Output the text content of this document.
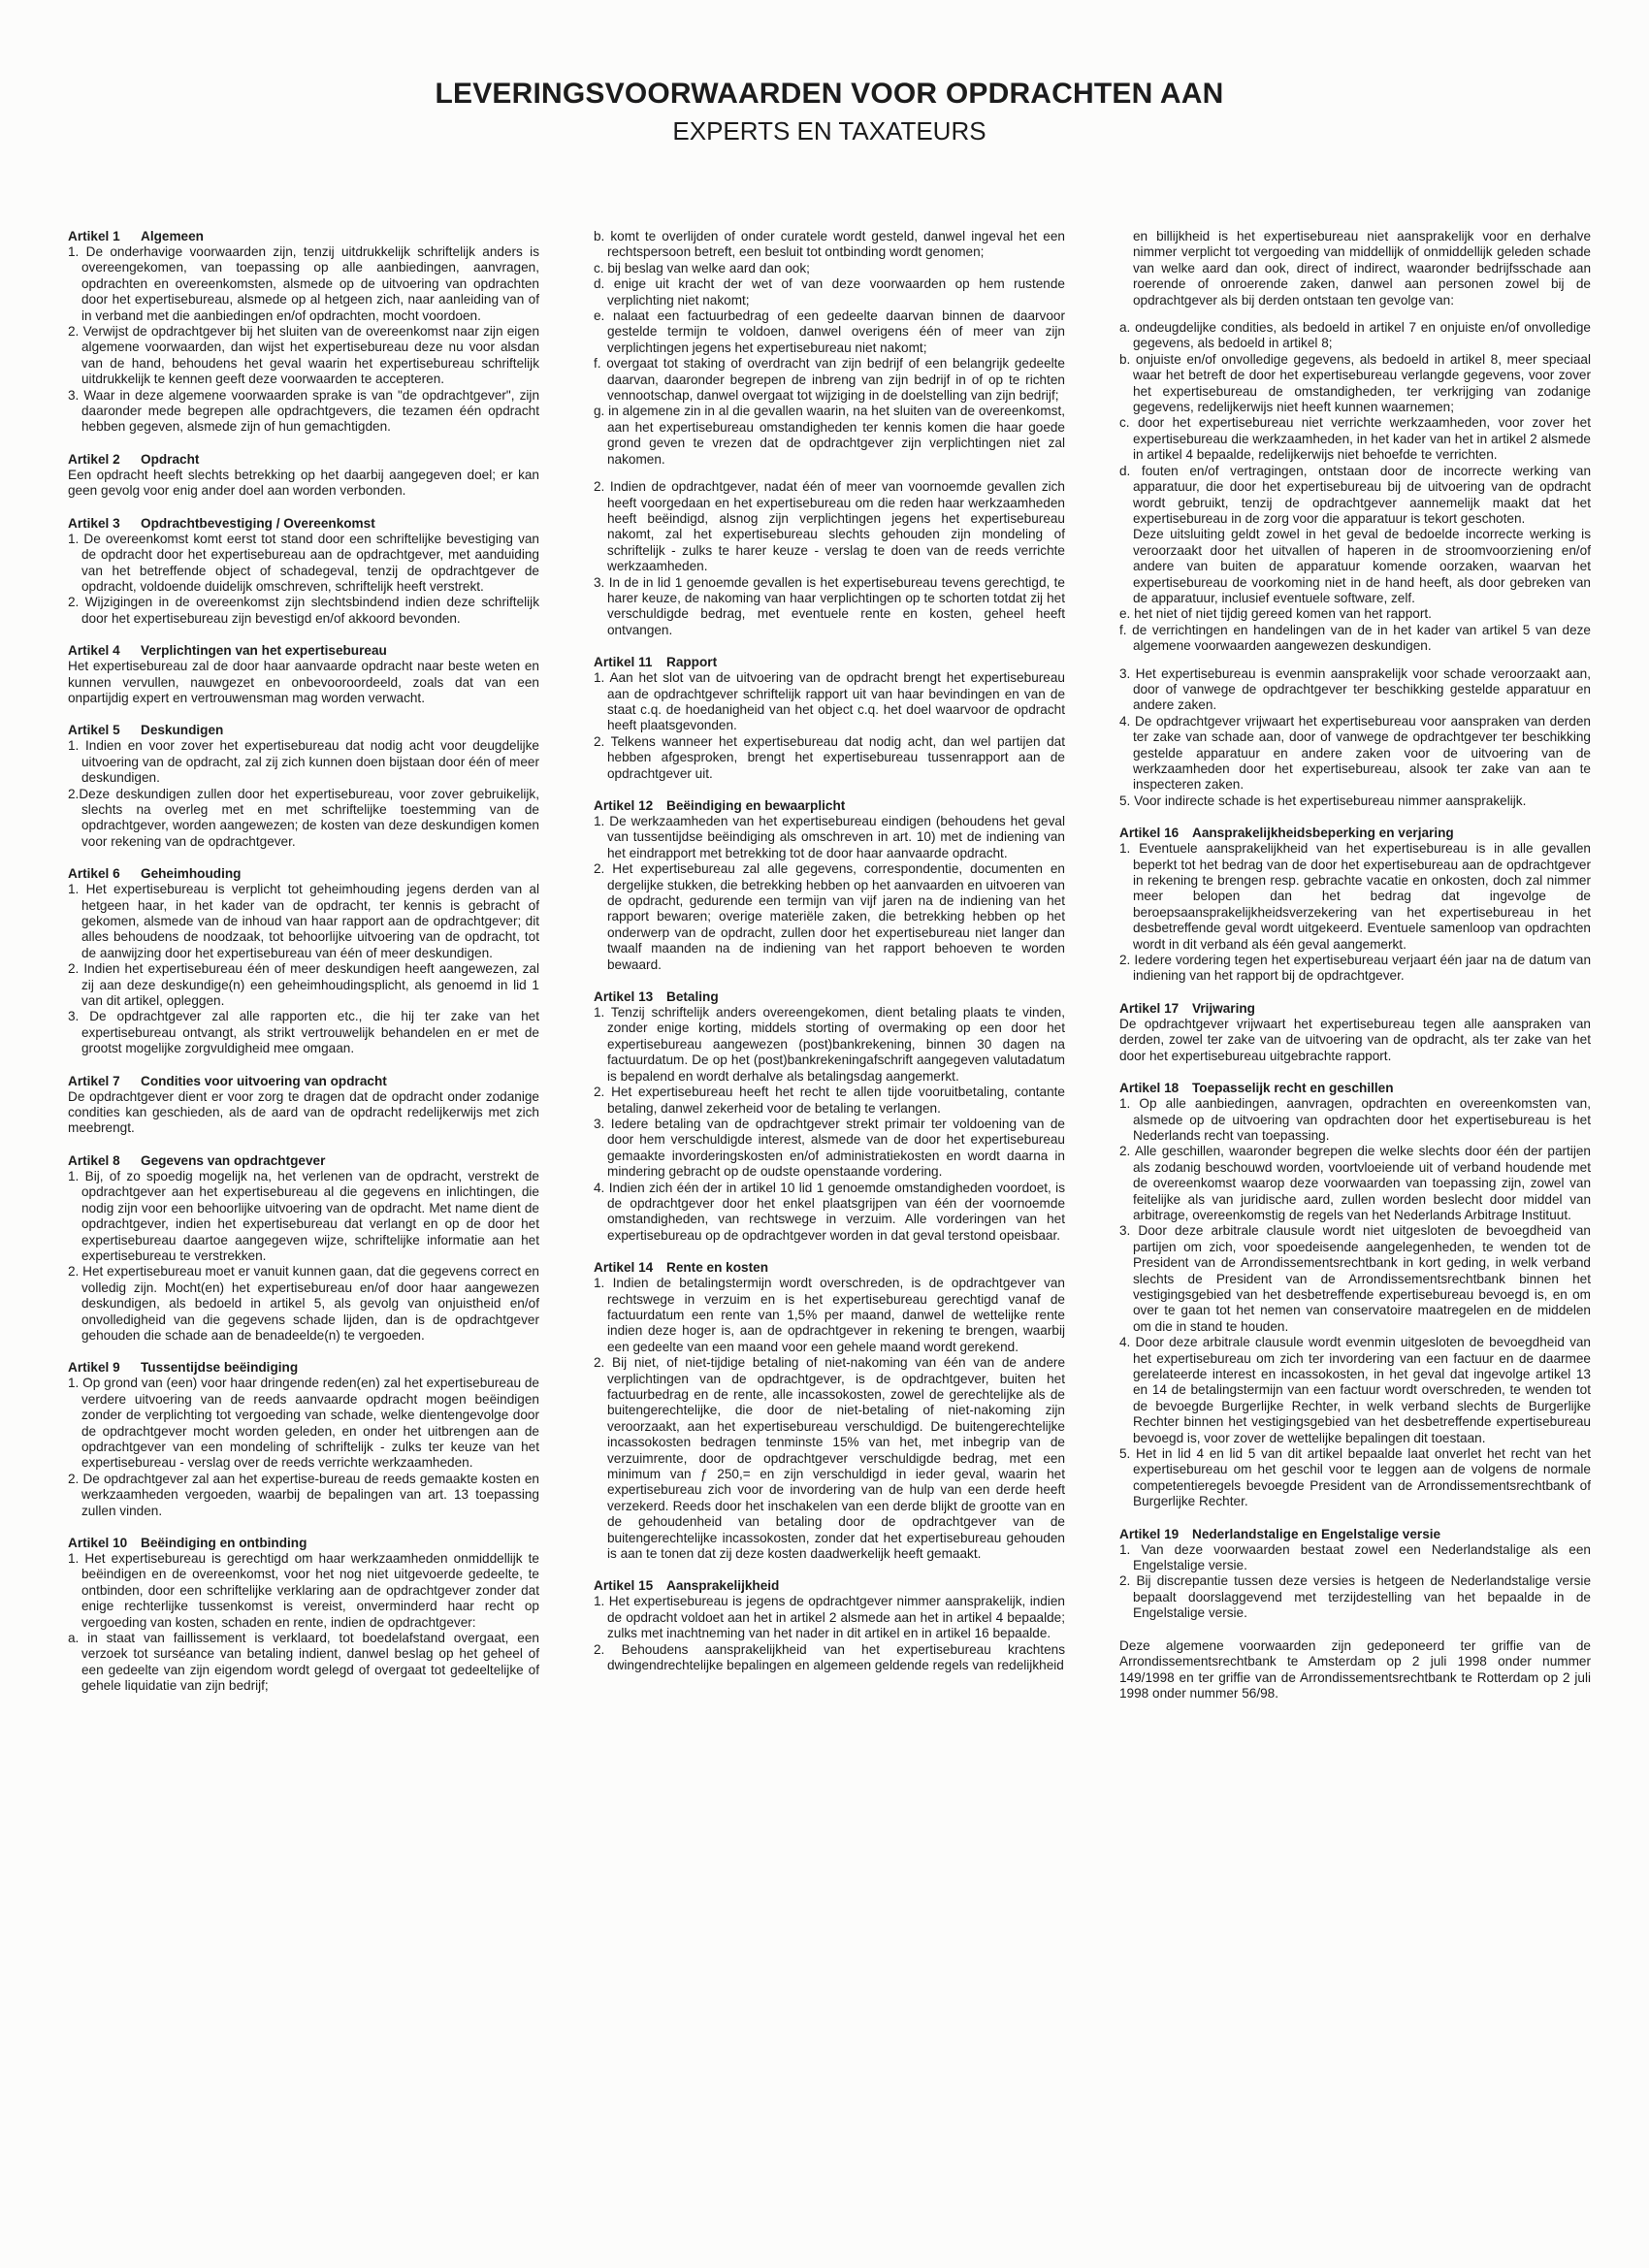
LEVERINGSVOORWAARDEN VOOR OPDRACHTEN AAN
EXPERTS EN TAXATEURS
Artikel 1 Algemeen

1. De onderhavige voorwaarden zijn, tenzij uitdrukkelijk schriftelijk anders is overeengekomen, van toepassing op alle aanbiedingen, aanvragen, opdrachten en overeenkomsten, alsmede op de uitvoering van opdrachten door het expertisebureau, alsmede op al hetgeen zich, naar aanleiding van of in verband met die aanbiedingen en/of opdrachten, mocht voordoen.

2. Verwijst de opdrachtgever bij het sluiten van de overeenkomst naar zijn eigen algemene voorwaarden, dan wijst het expertisebureau deze nu voor alsdan van de hand, behoudens het geval waarin het expertisebureau schriftelijk uitdrukkelijk te kennen geeft deze voorwaarden te accepteren.

3. Waar in deze algemene voorwaarden sprake is van "de opdrachtgever", zijn daaronder mede begrepen alle opdrachtgevers, die tezamen één opdracht hebben gegeven, alsmede zijn of hun gemachtigden.

Artikel 2 Opdracht

Een opdracht heeft slechts betrekking op het daarbij aangegeven doel; er kan geen gevolg voor enig ander doel aan worden verbonden.

Artikel 3 Opdrachtbevestiging / Overeenkomst

1. De overeenkomst komt eerst tot stand door een schriftelijke bevestiging van de opdracht door het expertisebureau aan de opdrachtgever, met aanduiding van het betreffende object of schadegeval, tenzij de opdrachtgever de opdracht, voldoende duidelijk omschreven, schriftelijk heeft verstrekt.

2. Wijzigingen in de overeenkomst zijn slechtsbindend indien deze schriftelijk door het expertisebureau zijn bevestigd en/of akkoord bevonden.

Artikel 4 Verplichtingen van het expertisebureau

Het expertisebureau zal de door haar aanvaarde opdracht naar beste weten en kunnen vervullen, nauwgezet en onbevooroordeeld, zoals dat van een onpartijdig expert en vertrouwensman mag worden verwacht.

Artikel 5 Deskundigen

1. Indien en voor zover het expertisebureau dat nodig acht voor deugdelijke uitvoering van de opdracht, zal zij zich kunnen doen bijstaan door één of meer deskundigen.

2.Deze deskundigen zullen door het expertisebureau, voor zover gebruikelijk, slechts na overleg met en met schriftelijke toestemming van de opdrachtgever, worden aangewezen; de kosten van deze deskundigen komen voor rekening van de opdrachtgever.

Artikel 6 Geheimhouding

1. Het expertisebureau is verplicht tot geheimhouding jegens derden van al hetgeen haar, in het kader van de opdracht, ter kennis is gebracht of gekomen, alsmede van de inhoud van haar rapport aan de opdrachtgever; dit alles behoudens de noodzaak, tot behoorlijke uitvoering van de opdracht, tot de aanwijzing door het expertisebureau van één of meer deskundigen.

2. Indien het expertisebureau één of meer deskundigen heeft aangewezen, zal zij aan deze deskundige(n) een geheimhoudingsplicht, als genoemd in lid 1 van dit artikel, opleggen.

3. De opdrachtgever zal alle rapporten etc., die hij ter zake van het expertisebureau ontvangt, als strikt vertrouwelijk behandelen en er met de grootst mogelijke zorgvuldigheid mee omgaan.

Artikel 7 Condities voor uitvoering van opdracht

De opdrachtgever dient er voor zorg te dragen dat de opdracht onder zodanige condities kan geschieden, als de aard van de opdracht redelijkerwijs met zich meebrengt.

Artikel 8 Gegevens van opdrachtgever

1. Bij, of zo spoedig mogelijk na, het verlenen van de opdracht, verstrekt de opdrachtgever aan het expertisebureau al die gegevens en inlichtingen, die nodig zijn voor een behoorlijke uitvoering van de opdracht. Met name dient de opdrachtgever, indien het expertisebureau dat verlangt en op de door het expertisebureau daartoe aangegeven wijze, schriftelijke informatie aan het expertisebureau te verstrekken.

2. Het expertisebureau moet er vanuit kunnen gaan, dat die gegevens correct en volledig zijn. Mocht(en) het expertisebureau en/of door haar aangewezen deskundigen, als bedoeld in artikel 5, als gevolg van onjuistheid en/of onvolledigheid van die gegevens schade lijden, dan is de opdrachtgever gehouden die schade aan de benadeelde(n) te vergoeden.

Artikel 9 Tussentijdse beëindiging

1. Op grond van (een) voor haar dringende reden(en) zal het expertisebureau de verdere uitvoering van de reeds aanvaarde opdracht mogen beëindigen zonder de verplichting tot vergoeding van schade, welke dientengevolge door de opdrachtgever mocht worden geleden, en onder het uitbrengen aan de opdrachtgever van een mondeling of schriftelijk - zulks ter keuze van het expertisebureau - verslag over de reeds verrichte werkzaamheden.

2. De opdrachtgever zal aan het expertise-bureau de reeds gemaakte kosten en werkzaamheden vergoeden, waarbij de bepalingen van art. 13 toepassing zullen vinden.

Artikel 10 Beëindiging en ontbinding

1. Het expertisebureau is gerechtigd om haar werkzaamheden onmiddellijk te beëindigen en de overeenkomst, voor het nog niet uitgevoerde gedeelte, te ontbinden, door een schriftelijke verklaring aan de opdrachtgever zonder dat enige rechterlijke tussenkomst is vereist, onverminderd haar recht op vergoeding van kosten, schaden en rente, indien de opdrachtgever:

a. in staat van faillissement is verklaard, tot boedelafstand overgaat, een verzoek tot surséance van betaling indient, danwel beslag op het geheel of een gedeelte van zijn eigendom wordt gelegd of overgaat tot gedeeltelijke of gehele liquidatie van zijn bedrijf;

b. komt te overlijden of onder curatele wordt gesteld, danwel ingeval het een rechtspersoon betreft, een besluit tot ontbinding wordt genomen;

c. bij beslag van welke aard dan ook;

d. enige uit kracht der wet of van deze voorwaarden op hem rustende verplichting niet nakomt;

e. nalaat een factuurbedrag of een gedeelte daarvan binnen de daarvoor gestelde termijn te voldoen, danwel overigens één of meer van zijn verplichtingen jegens het expertisebureau niet nakomt;

f. overgaat tot staking of overdracht van zijn bedrijf of een belangrijk gedeelte daarvan, daaronder begrepen de inbreng van zijn bedrijf in of op te richten vennootschap, danwel overgaat tot wijziging in de doelstelling van zijn bedrijf;

g. in algemene zin in al die gevallen waarin, na het sluiten van de overeenkomst, aan het expertisebureau omstandigheden ter kennis komen die haar goede grond geven te vrezen dat de opdrachtgever zijn verplichtingen niet zal nakomen.

2. Indien de opdrachtgever, nadat één of meer van voornoemde gevallen zich heeft voorgedaan en het expertisebureau om die reden haar werkzaamheden heeft beëindigd, alsnog zijn verplichtingen jegens het expertisebureau nakomt, zal het expertisebureau slechts gehouden zijn mondeling of schriftelijk - zulks te harer keuze - verslag te doen van de reeds verrichte werkzaamheden.

3. In de in lid 1 genoemde gevallen is het expertisebureau tevens gerechtigd, te harer keuze, de nakoming van haar verplichtingen op te schorten totdat zij het verschuldigde bedrag, met eventuele rente en kosten, geheel heeft ontvangen.

Artikel 11 Rapport

1. Aan het slot van de uitvoering van de opdracht brengt het expertisebureau aan de opdrachtgever schriftelijk rapport uit van haar bevindingen en van de staat c.q. de hoedanigheid van het object c.q. het doel waarvoor de opdracht heeft plaatsgevonden.

2. Telkens wanneer het expertisebureau dat nodig acht, dan wel partijen dat hebben afgesproken, brengt het expertisebureau tussenrapport aan de opdrachtgever uit.

Artikel 12 Beëindiging en bewaarplicht

1. De werkzaamheden van het expertisebureau eindigen (behoudens het geval van tussentijdse beëindiging als omschreven in art. 10) met de indiening van het eindrapport met betrekking tot de door haar aanvaarde opdracht.

2. Het expertisebureau zal alle gegevens, correspondentie, documenten en dergelijke stukken, die betrekking hebben op het aanvaarden en uitvoeren van de opdracht, gedurende een termijn van vijf jaren na de indiening van het rapport bewaren; overige materiële zaken, die betrekking hebben op het onderwerp van de opdracht, zullen door het expertisebureau niet langer dan twaalf maanden na de indiening van het rapport behoeven te worden bewaard.

Artikel 13 Betaling

1. Tenzij schriftelijk anders overeengekomen, dient betaling plaats te vinden, zonder enige korting, middels storting of overmaking op een door het expertisebureau aangewezen (post)bankrekening, binnen 30 dagen na factuurdatum. De op het (post)bankrekeningafschrift aangegeven valutadatum is bepalend en wordt derhalve als betalingsdag aangemerkt.

2. Het expertisebureau heeft het recht te allen tijde vooruitbetaling, contante betaling, danwel zekerheid voor de betaling te verlangen.

3. Iedere betaling van de opdrachtgever strekt primair ter voldoening van de door hem verschuldigde interest, alsmede van de door het expertisebureau gemaakte invorderingskosten en/of administratiekosten en wordt daarna in mindering gebracht op de oudste openstaande vordering.

4. Indien zich één der in artikel 10 lid 1 genoemde omstandigheden voordoet, is de opdrachtgever door het enkel plaatsgrijpen van één der voornoemde omstandigheden, van rechtswege in verzuim. Alle vorderingen van het expertisebureau op de opdrachtgever worden in dat geval terstond opeisbaar.

Artikel 14 Rente en kosten

1. Indien de betalingstermijn wordt overschreden, is de opdrachtgever van rechtswege in verzuim en is het expertisebureau gerechtigd vanaf de factuurdatum een rente van 1,5% per maand, danwel de wettelijke rente indien deze hoger is, aan de opdrachtgever in rekening te brengen, waarbij een gedeelte van een maand voor een gehele maand wordt gerekend.

2. Bij niet, of niet-tijdige betaling of niet-nakoming van één van de andere verplichtingen van de opdrachtgever, is de opdrachtgever, buiten het factuurbedrag en de rente, alle incassokosten, zowel de gerechtelijke als de buitengerechtelijke, die door de niet-betaling of niet-nakoming zijn veroorzaakt, aan het expertisebureau verschuldigd. De buitengerechtelijke incassokosten bedragen tenminste 15% van het, met inbegrip van de verzuimrente, door de opdrachtgever verschuldigde bedrag, met een minimum van ƒ 250,= en zijn verschuldigd in ieder geval, waarin het expertisebureau zich voor de invordering van de hulp van een derde heeft verzekerd. Reeds door het inschakelen van een derde blijkt de grootte van en de gehoudenheid van betaling door de opdrachtgever van de buitengerechtelijke incassokosten, zonder dat het expertisebureau gehouden is aan te tonen dat zij deze kosten daadwerkelijk heeft gemaakt.

Artikel 15 Aansprakelijkheid

1. Het expertisebureau is jegens de opdrachtgever nimmer aansprakelijk, indien de opdracht voldoet aan het in artikel 2 alsmede aan het in artikel 4 bepaalde; zulks met inachtneming van het nader in dit artikel en in artikel 16 bepaalde.

2. Behoudens aansprakelijkheid van het expertisebureau krachtens dwingendrechtelijke bepalingen en algemeen geldende regels van redelijkheid

en billijkheid is het expertisebureau niet aansprakelijk voor en derhalve nimmer verplicht tot vergoeding van middellijk of onmiddellijk geleden schade van welke aard dan ook, direct of indirect, waaronder bedrijfsschade aan roerende of onroerende zaken, danwel aan personen zowel bij de opdrachtgever als bij derden ontstaan ten gevolge van:

a. ondeugdelijke condities, als bedoeld in artikel 7 en onjuiste en/of onvolledige gegevens, als bedoeld in artikel 8;

b. onjuiste en/of onvolledige gegevens, als bedoeld in artikel 8, meer speciaal waar het betreft de door het expertisebureau verlangde gegevens, voor zover het expertisebureau de omstandigheden, ter verkrijging van zodanige gegevens, redelijkerwijs niet heeft kunnen waarnemen;

c. door het expertisebureau niet verrichte werkzaamheden, voor zover het expertisebureau die werkzaamheden, in het kader van het in artikel 2 alsmede in artikel 4 bepaalde, redelijkerwijs niet behoefde te verrichten.

d. fouten en/of vertragingen, ontstaan door de incorrecte werking van apparatuur, die door het expertisebureau bij de uitvoering van de opdracht wordt gebruikt, tenzij de opdrachtgever aannemelijk maakt dat het expertisebureau in de zorg voor die apparatuur is tekort geschoten.

Deze uitsluiting geldt zowel in het geval de bedoelde incorrecte werking is veroorzaakt door het uitvallen of haperen in de stroomvoorziening en/of andere van buiten de apparatuur komende oorzaken, waarvan het expertisebureau de voorkoming niet in de hand heeft, als door gebreken van de apparatuur, inclusief eventuele software, zelf.

e. het niet of niet tijdig gereed komen van het rapport.

f. de verrichtingen en handelingen van de in het kader van artikel 5 van deze algemene voorwaarden aangewezen deskundigen.

3. Het expertisebureau is evenmin aansprakelijk voor schade veroorzaakt aan, door of vanwege de opdrachtgever ter beschikking gestelde apparatuur en andere zaken.

4. De opdrachtgever vrijwaart het expertisebureau voor aanspraken van derden ter zake van schade aan, door of vanwege de opdrachtgever ter beschikking gestelde apparatuur en andere zaken voor de uitvoering van de werkzaamheden door het expertisebureau, alsook ter zake van aan te inspecteren zaken.

5. Voor indirecte schade is het expertisebureau nimmer aansprakelijk.

Artikel 16 Aansprakelijkheidsbeperking en verjaring

1. Eventuele aansprakelijkheid van het expertisebureau is in alle gevallen beperkt tot het bedrag van de door het expertisebureau aan de opdrachtgever in rekening te brengen resp. gebrachte vacatie en onkosten, doch zal nimmer meer belopen dan het bedrag dat ingevolge de beroepsaansprakelijkheidsverzekering van het expertisebureau in het desbetreffende geval wordt uitgekeerd. Eventuele samenloop van opdrachten wordt in dit verband als één geval aangemerkt.

2. Iedere vordering tegen het expertisebureau verjaart één jaar na de datum van indiening van het rapport bij de opdrachtgever.

Artikel 17 Vrijwaring

De opdrachtgever vrijwaart het expertisebureau tegen alle aanspraken van derden, zowel ter zake van de uitvoering van de opdracht, als ter zake van het door het expertisebureau uitgebrachte rapport.

Artikel 18 Toepasselijk recht en geschillen

1. Op alle aanbiedingen, aanvragen, opdrachten en overeenkomsten van, alsmede op de uitvoering van opdrachten door het expertisebureau is het Nederlands recht van toepassing.

2. Alle geschillen, waaronder begrepen die welke slechts door één der partijen als zodanig beschouwd worden, voortvloeiende uit of verband houdende met de overeenkomst waarop deze voorwaarden van toepassing zijn, zowel van feitelijke als van juridische aard, zullen worden beslecht door middel van arbitrage, overeenkomstig de regels van het Nederlands Arbitrage Instituut.

3. Door deze arbitrale clausule wordt niet uitgesloten de bevoegdheid van partijen om zich, voor spoedeisende aangelegenheden, te wenden tot de President van de Arrondissementsrechtbank in kort geding, in welk verband slechts de President van de Arrondissementsrechtbank binnen het vestigingsgebied van het desbetreffende expertisebureau bevoegd is, en om over te gaan tot het nemen van conservatoire maatregelen en de middelen om die in stand te houden.

4. Door deze arbitrale clausule wordt evenmin uitgesloten de bevoegdheid van het expertisebureau om zich ter invordering van een factuur en de daarmee gerelateerde interest en incassokosten, in het geval dat ingevolge artikel 13 en 14 de betalingstermijn van een factuur wordt overschreden, te wenden tot de bevoegde Burgerlijke Rechter, in welk verband slechts de Burgerlijke Rechter binnen het vestigingsgebied van het desbetreffende expertisebureau bevoegd is, voor zover de wettelijke bepalingen dit toestaan.

5. Het in lid 4 en lid 5 van dit artikel bepaalde laat onverlet het recht van het expertisebureau om het geschil voor te leggen aan de volgens de normale competentieregels bevoegde President van de Arrondissementsrechtbank of Burgerlijke Rechter.

Artikel 19 Nederlandstalige en Engelstalige versie

1. Van deze voorwaarden bestaat zowel een Nederlandstalige als een Engelstalige versie.

2. Bij discrepantie tussen deze versies is hetgeen de Nederlandstalige versie bepaalt doorslaggevend met terzijdestelling van het bepaalde in de Engelstalige versie.

Deze algemene voorwaarden zijn gedeponeerd ter griffie van de Arrondissementsrechtbank te Amsterdam op 2 juli 1998 onder nummer 149/1998 en ter griffie van de Arrondissementsrechtbank te Rotterdam op 2 juli 1998 onder nummer 56/98.
